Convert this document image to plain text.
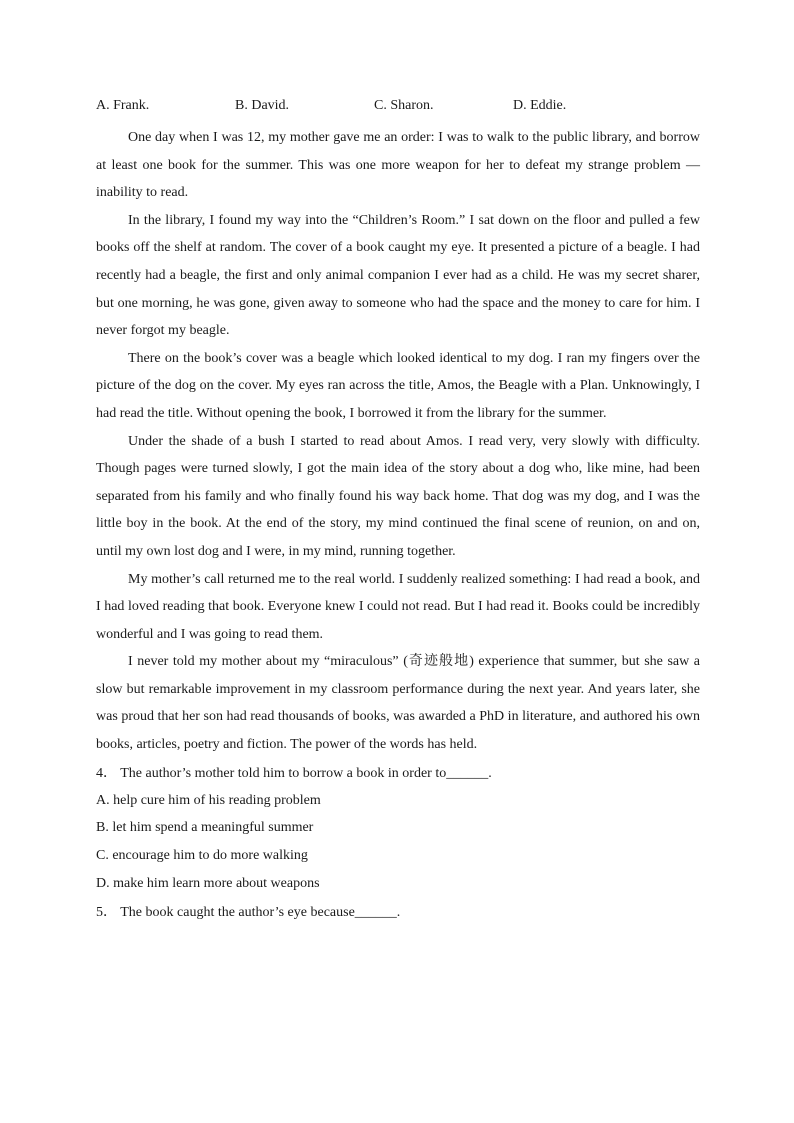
A. Frank.	B. David.	C. Sharon.	D. Eddie.

One day when I was 12, my mother gave me an order: I was to walk to the public library, and borrow at least one book for the summer. This was one more weapon for her to defeat my strange problem — inability to read.

In the library, I found my way into the “Children’s Room.” I sat down on the floor and pulled a few books off the shelf at random. The cover of a book caught my eye. It presented a picture of a beagle. I had recently had a beagle, the first and only animal companion I ever had as a child. He was my secret sharer, but one morning, he was gone, given away to someone who had the space and the money to care for him. I never forgot my beagle.

There on the book’s cover was a beagle which looked identical to my dog. I ran my fingers over the picture of the dog on the cover. My eyes ran across the title, Amos, the Beagle with a Plan. Unknowingly, I had read the title. Without opening the book, I borrowed it from the library for the summer.

Under the shade of a bush I started to read about Amos. I read very, very slowly with difficulty. Though pages were turned slowly, I got the main idea of the story about a dog who, like mine, had been separated from his family and who finally found his way back home. That dog was my dog, and I was the little boy in the book. At the end of the story, my mind continued the final scene of reunion, on and on, until my own lost dog and I were, in my mind, running together.

My mother’s call returned me to the real world. I suddenly realized something: I had read a book, and I had loved reading that book. Everyone knew I could not read. But I had read it. Books could be incredibly wonderful and I was going to read them.

I never told my mother about my “miraculous” (奇迹般地) experience that summer, but she saw a slow but remarkable improvement in my classroom performance during the next year. And years later, she was proud that her son had read thousands of books, was awarded a PhD in literature, and authored his own books, articles, poetry and fiction. The power of the words has held.

4． The author’s mother told him to borrow a book in order to______.
A. help cure him of his reading problem
B. let him spend a meaningful summer
C. encourage him to do more walking
D. make him learn more about weapons
5． The book caught the author’s eye because______.
